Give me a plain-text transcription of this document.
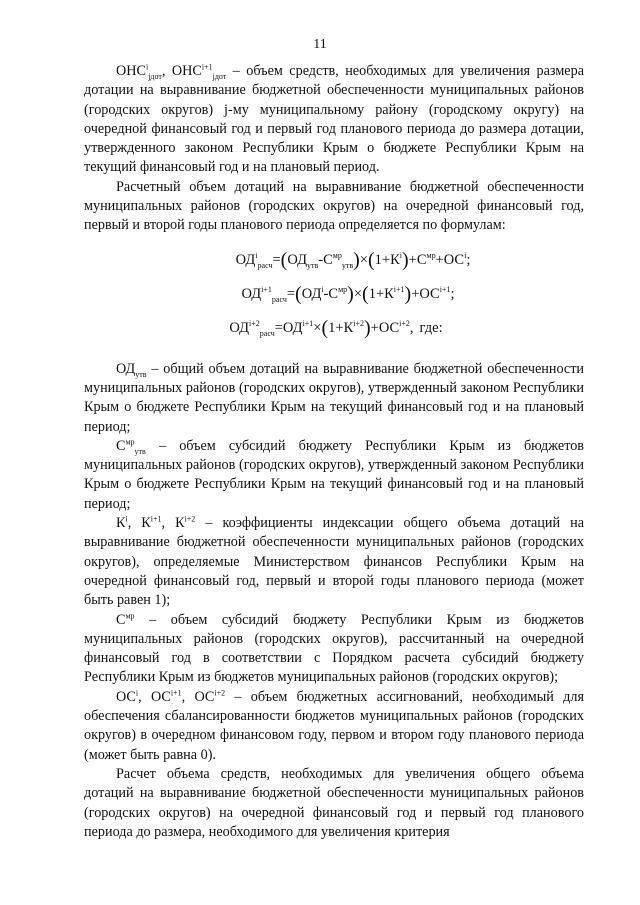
11

$ОНС^i_{jдот}$, $ОНС^{i+1}_{jдот}$ – объем средств, необходимых для увеличения размера дотации на выравнивание бюджетной обеспеченности муниципальных районов (городских округов) j-му муниципальному району (городскому округу) на очередной финансовый год и первый год планового периода до размера дотации, утвержденного законом Республики Крым о бюджете Республики Крым на текущий финансовый год и на плановый период.

Расчетный объем дотаций на выравнивание бюджетной обеспеченности муниципальных районов (городских округов) на очередной финансовый год, первый и второй годы планового периода определяется по формулам:

$ОД^i_{расч}=(ОД_{утв}-С^{мр}_{утв})\times(1+К^i)+С^{мр}+ОС^i$;
$ОД^{i+1}_{расч}=(ОД^i-С^{мр})\times(1+К^{i+1})+ОС^{i+1}$;
$ОД^{i+2}_{расч}=ОД^{i+1}\times(1+К^{i+2})+ОС^{i+2}$, где:

$ОД_{утв}$ – общий объем дотаций на выравнивание бюджетной обеспеченности муниципальных районов (городских округов), утвержденный законом Республики Крым о бюджете Республики Крым на текущий финансовый год и на плановый период;

$С^{мр}_{утв}$ – объем субсидий бюджету Республики Крым из бюджетов муниципальных районов (городских округов), утвержденный законом Республики Крым о бюджете Республики Крым на текущий финансовый год и на плановый период;

$К^i$, $К^{i+1}$, $К^{i+2}$ – коэффициенты индексации общего объема дотаций на выравнивание бюджетной обеспеченности муниципальных районов (городских округов), определяемые Министерством финансов Республики Крым на очередной финансовый год, первый и второй годы планового периода (может быть равен 1);

$С^{мр}$ – объем субсидий бюджету Республики Крым из бюджетов муниципальных районов (городских округов), рассчитанный на очередной финансовый год в соответствии с Порядком расчета субсидий бюджету Республики Крым из бюджетов муниципальных районов (городских округов);

$ОС^i$, $ОС^{i+1}$, $ОС^{i+2}$ – объем бюджетных ассигнований, необходимый для обеспечения сбалансированности бюджетов муниципальных районов (городских округов) в очередном финансовом году, первом и втором году планового периода (может быть равна 0).

Расчет объема средств, необходимых для увеличения общего объема дотаций на выравнивание бюджетной обеспеченности муниципальных районов (городских округов) на очередной финансовый год и первый год планового периода до размера, необходимого для увеличения критерия
